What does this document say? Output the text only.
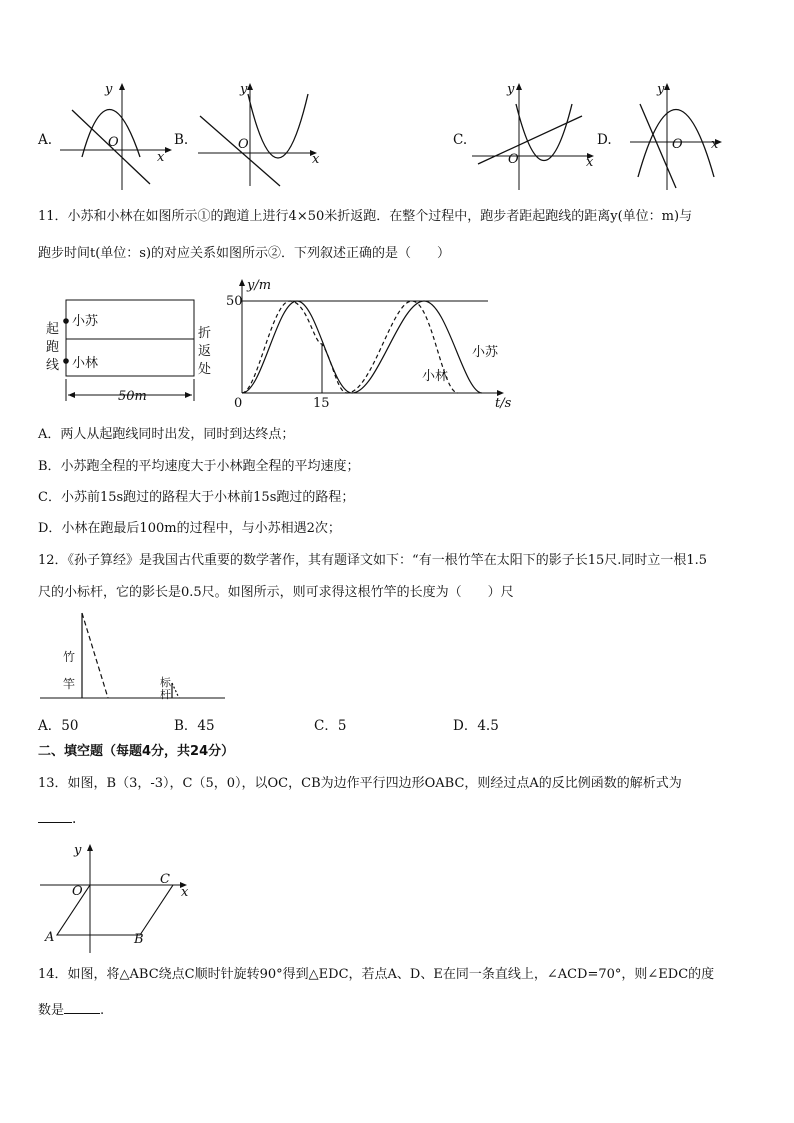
A.
y
x
O	B.
y
x
O	C.
y
x
O
D.
y
x
O
11．小苏和小林在如图所示①的跑道上进行4×50米折返跑．在整个过程中，跑步者距起跑线的距离y(单位：m)与
跑步时间t(单位：s)的对应关系如图所示②．下列叙述正确的是（　　）
起
跑
线
折
返
处
小苏
小林
50m
y/m
50
0	15	t/s
小苏
小林
A．两人从起跑线同时出发，同时到达终点；
B．小苏跑全程的平均速度大于小林跑全程的平均速度；
C．小苏前15s跑过的路程大于小林前15s跑过的路程；
D．小林在跑最后100m的过程中，与小苏相遇2次；
12．《孙子算经》是我国古代重要的数学著作，其有题译文如下：“有一根竹竿在太阳下的影子长15尺.同时立一根1.5
尺的小标杆，它的影长是0.5尺。如图所示，则可求得这根竹竿的长度为（　　）尺
竹
竿	标
杆
A．50	B．45	C．5	D．4.5
二、填空题（每题4分，共24分）
13．如图，B（3，-3），C（5，0），以OC，CB为边作平行四边形OABC，则经过点A的反比例函数的解析式为
.
y
x
O
C
A	B
14．如图，将△ABC绕点C顺时针旋转90°得到△EDC，若点A、D、E在同一条直线上，∠ACD=70°，则∠EDC的度
数是	.
